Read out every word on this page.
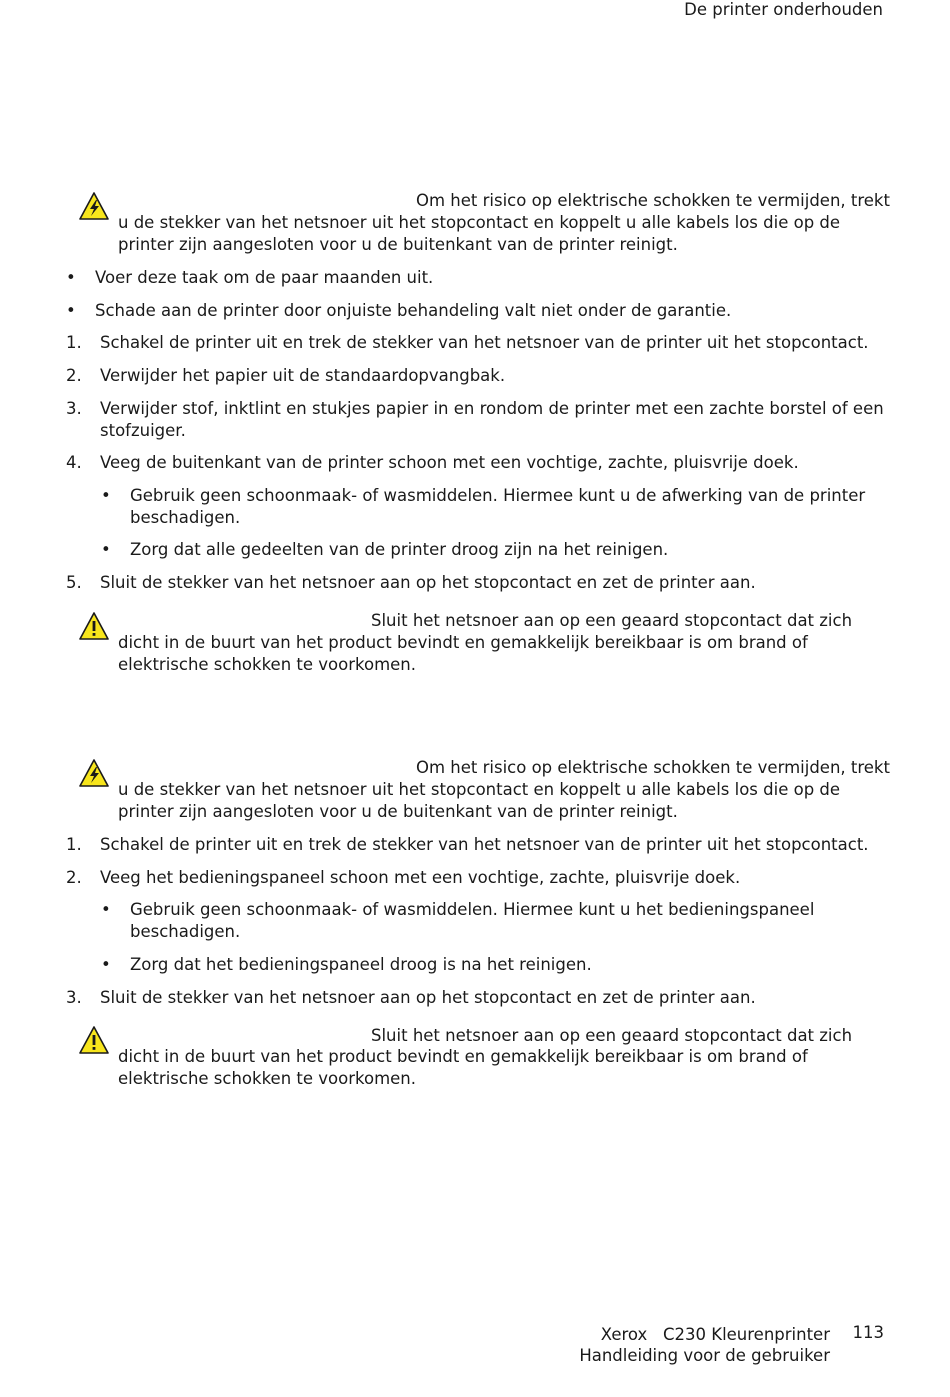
De printer onderhouden
Om het risico op elektrische schokken te vermijden, trekt
u de stekker van het netsnoer uit het stopcontact en koppelt u alle kabels los die op de
printer zijn aangesloten voor u de buitenkant van de printer reinigt.
• Voer deze taak om de paar maanden uit.
• Schade aan de printer door onjuiste behandeling valt niet onder de garantie.
1. Schakel de printer uit en trek de stekker van het netsnoer van de printer uit het stopcontact.
2. Verwijder het papier uit de standaardopvangbak.
3. Verwijder stof, inktlint en stukjes papier in en rondom de printer met een zachte borstel of een
stofzuiger.
4. Veeg de buitenkant van de printer schoon met een vochtige, zachte, pluisvrije doek.
• Gebruik geen schoonmaak- of wasmiddelen. Hiermee kunt u de afwerking van de printer
beschadigen.
• Zorg dat alle gedeelten van de printer droog zijn na het reinigen.
5. Sluit de stekker van het netsnoer aan op het stopcontact en zet de printer aan.
Sluit het netsnoer aan op een geaard stopcontact dat zich
dicht in de buurt van het product bevindt en gemakkelijk bereikbaar is om brand of
elektrische schokken te voorkomen.
Om het risico op elektrische schokken te vermijden, trekt
u de stekker van het netsnoer uit het stopcontact en koppelt u alle kabels los die op de
printer zijn aangesloten voor u de buitenkant van de printer reinigt.
1. Schakel de printer uit en trek de stekker van het netsnoer van de printer uit het stopcontact.
2. Veeg het bedieningspaneel schoon met een vochtige, zachte, pluisvrije doek.
• Gebruik geen schoonmaak- of wasmiddelen. Hiermee kunt u het bedieningspaneel
beschadigen.
• Zorg dat het bedieningspaneel droog is na het reinigen.
3. Sluit de stekker van het netsnoer aan op het stopcontact en zet de printer aan.
Sluit het netsnoer aan op een geaard stopcontact dat zich
dicht in de buurt van het product bevindt en gemakkelijk bereikbaar is om brand of
elektrische schokken te voorkomen.
Xerox   C230 Kleurenprinter
Handleiding voor de gebruiker
113
